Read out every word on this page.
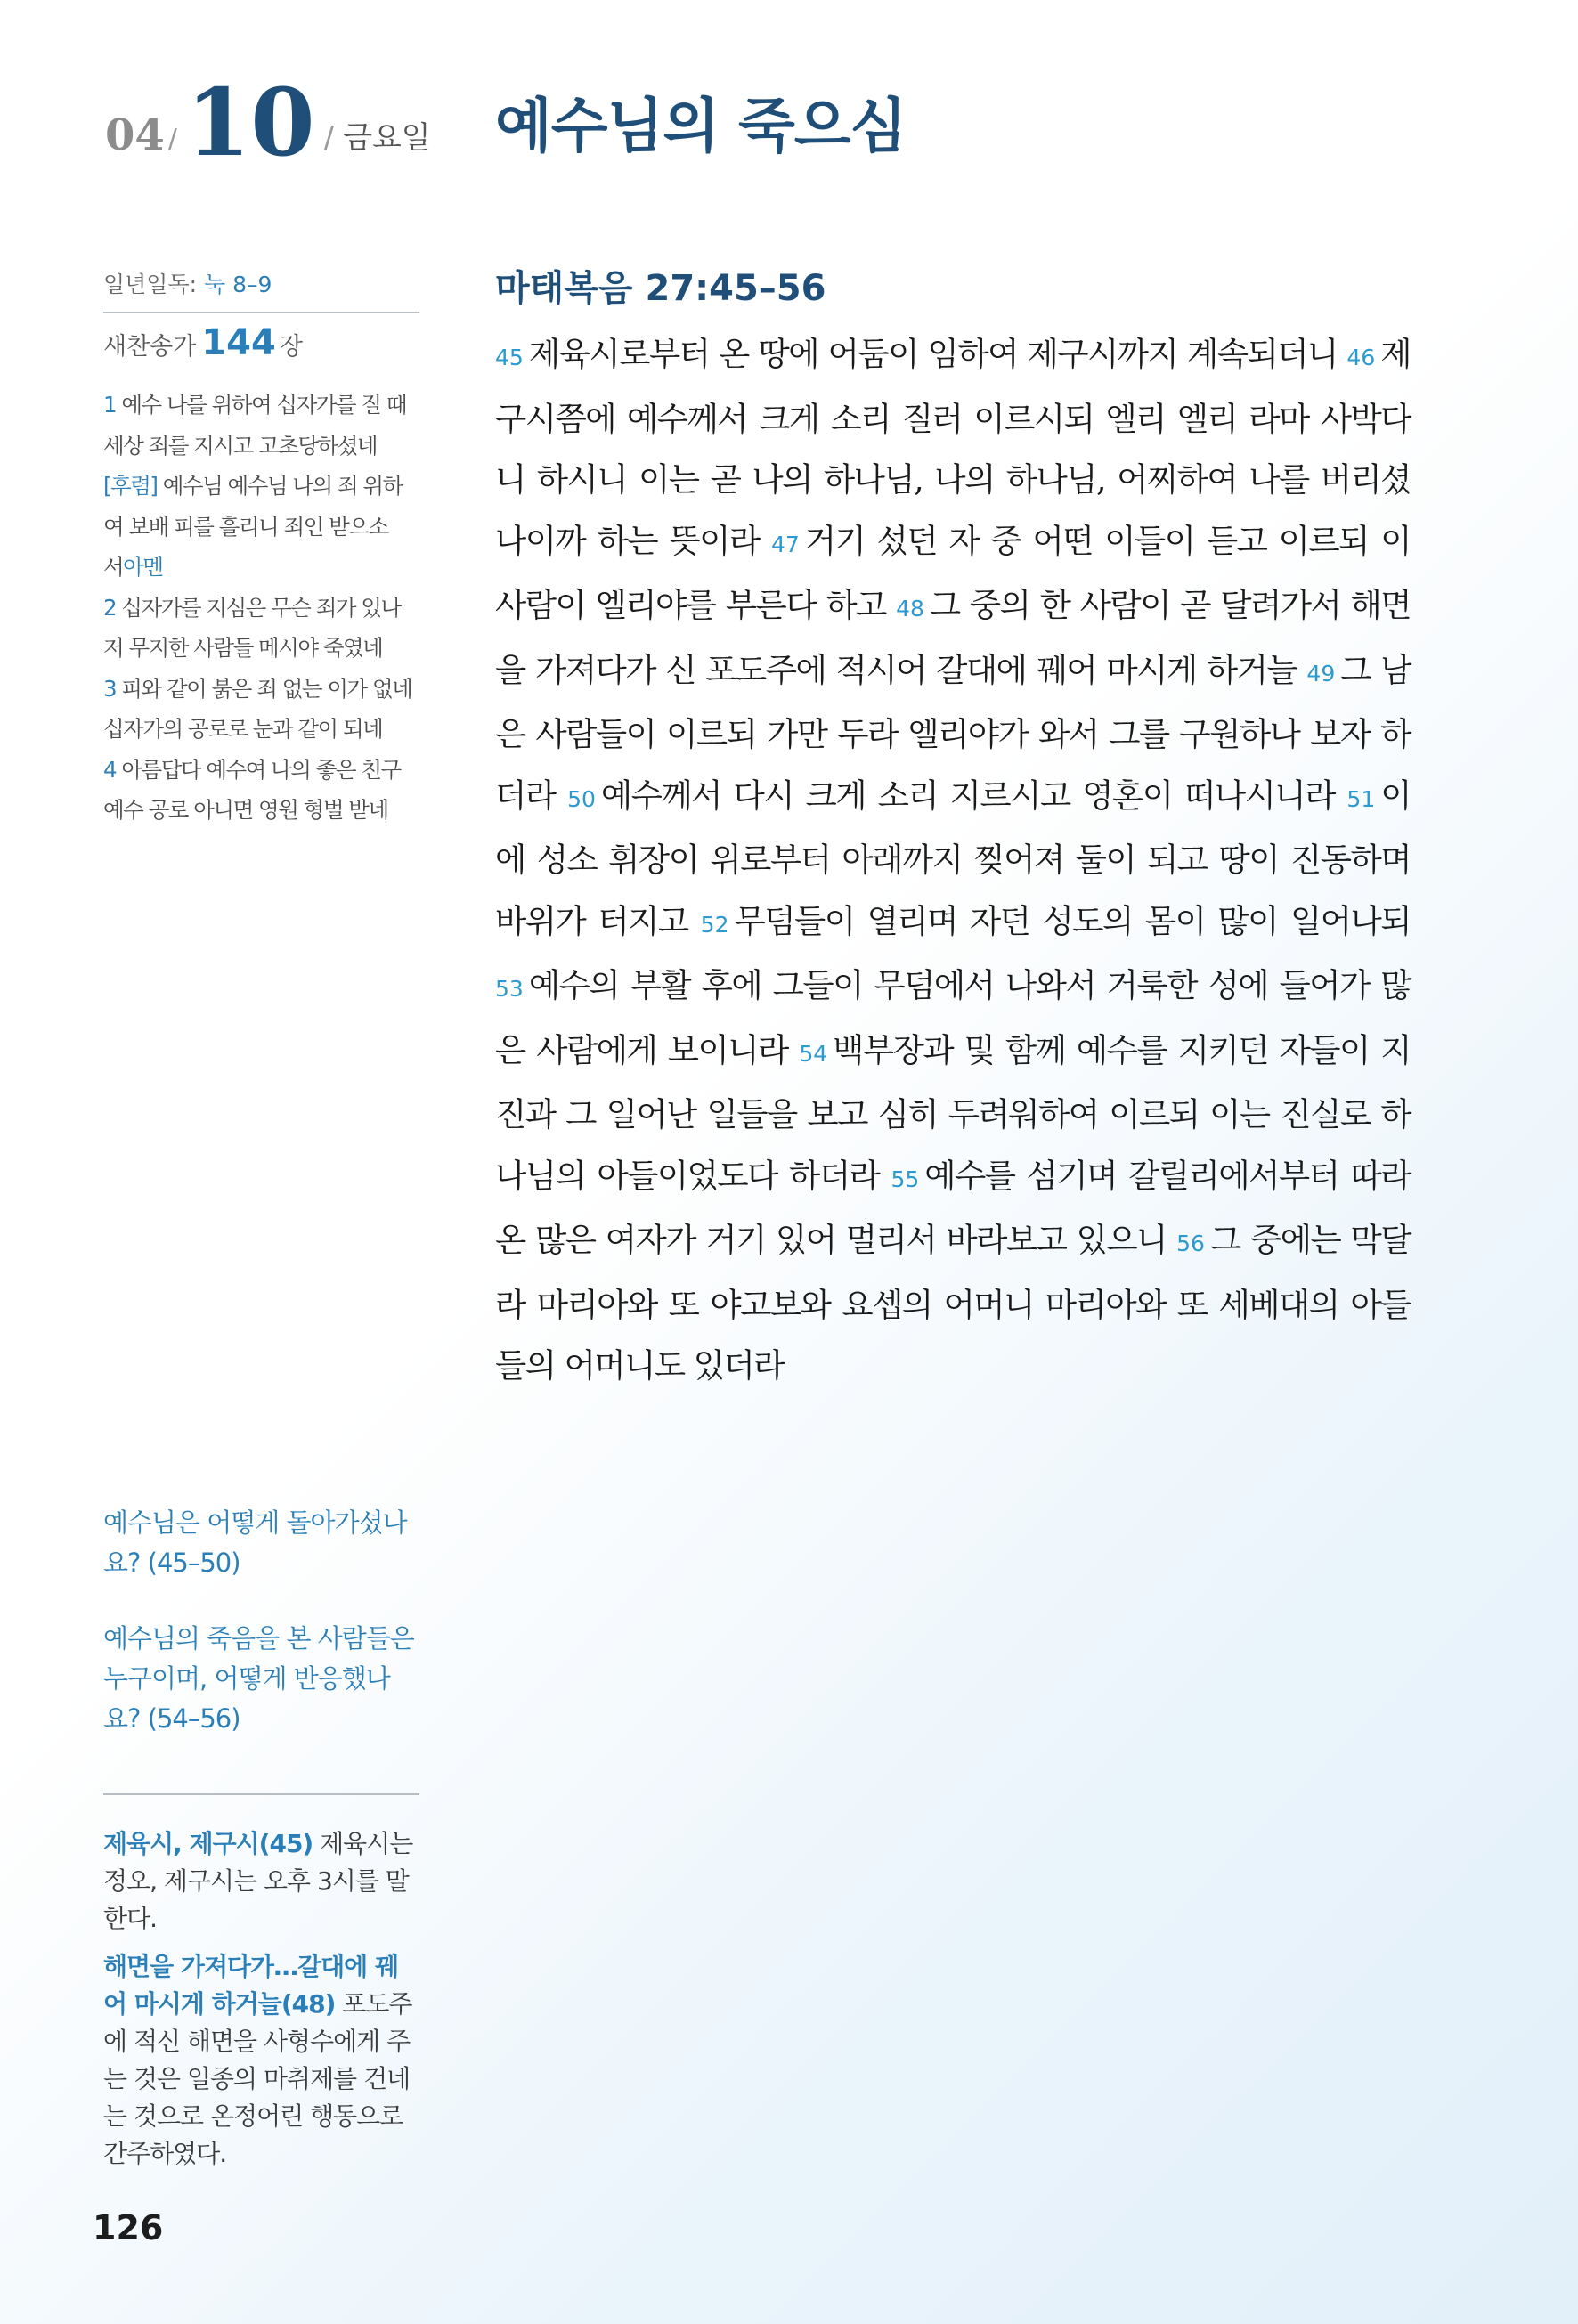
04 / 10 / 금요일 예수님의 죽으심
일년일독: 눅 8–9
새찬송가 144 장
1 예수 나를 위하여 십자가를 질 때
세상 죄를 지시고 고초당하셨네
[후렴] 예수님 예수님 나의 죄 위하
여 보배 피를 흘리니 죄인 받으소
서아멘
2 십자가를 지심은 무슨 죄가 있나
저 무지한 사람들 메시야 죽였네
3 피와 같이 붉은 죄 없는 이가 없네
십자가의 공로로 눈과 같이 되네
4 아름답다 예수여 나의 좋은 친구
예수 공로 아니면 영원 형벌 받네

예수님은 어떻게 돌아가셨나요? (45–50)

예수님의 죽음을 본 사람들은 누구이며, 어떻게 반응했나요? (54–56)

제육시, 제구시(45) 제육시는 정오, 제구시는 오후 3시를 말한다.

해면을 가져다가…갈대에 꿰어 마시게 하거늘(48) 포도주에 적신 해면을 사형수에게 주는 것은 일종의 마취제를 건네는 것으로 온정어린 행동으로 간주하였다.

126
마태복음 27:45–56
45 제육시로부터 온 땅에 어둠이 임하여 제구시까지 계속되더니 46 제구시쯤에 예수께서 크게 소리 질러 이르시되 엘리 엘리 라마 사박다니 하시니 이는 곧 나의 하나님, 나의 하나님, 어찌하여 나를 버리셨나이까 하는 뜻이라 47 거기 섰던 자 중 어떤 이들이 듣고 이르되 이 사람이 엘리야를 부른다 하고 48 그 중의 한 사람이 곧 달려가서 해면을 가져다가 신 포도주에 적시어 갈대에 꿰어 마시게 하거늘 49 그 남은 사람들이 이르되 가만 두라 엘리야가 와서 그를 구원하나 보자 하더라 50 예수께서 다시 크게 소리 지르시고 영혼이 떠나시니라 51 이에 성소 휘장이 위로부터 아래까지 찢어져 둘이 되고 땅이 진동하며 바위가 터지고 52 무덤들이 열리며 자던 성도의 몸이 많이 일어나되 53 예수의 부활 후에 그들이 무덤에서 나와서 거룩한 성에 들어가 많은 사람에게 보이니라 54 백부장과 및 함께 예수를 지키던 자들이 지진과 그 일어난 일들을 보고 심히 두려워하여 이르되 이는 진실로 하나님의 아들이었도다 하더라 55 예수를 섬기며 갈릴리에서부터 따라온 많은 여자가 거기 있어 멀리서 바라보고 있으니 56 그 중에는 막달라 마리아와 또 야고보와 요셉의 어머니 마리아와 또 세베대의 아들들의 어머니도 있더라
